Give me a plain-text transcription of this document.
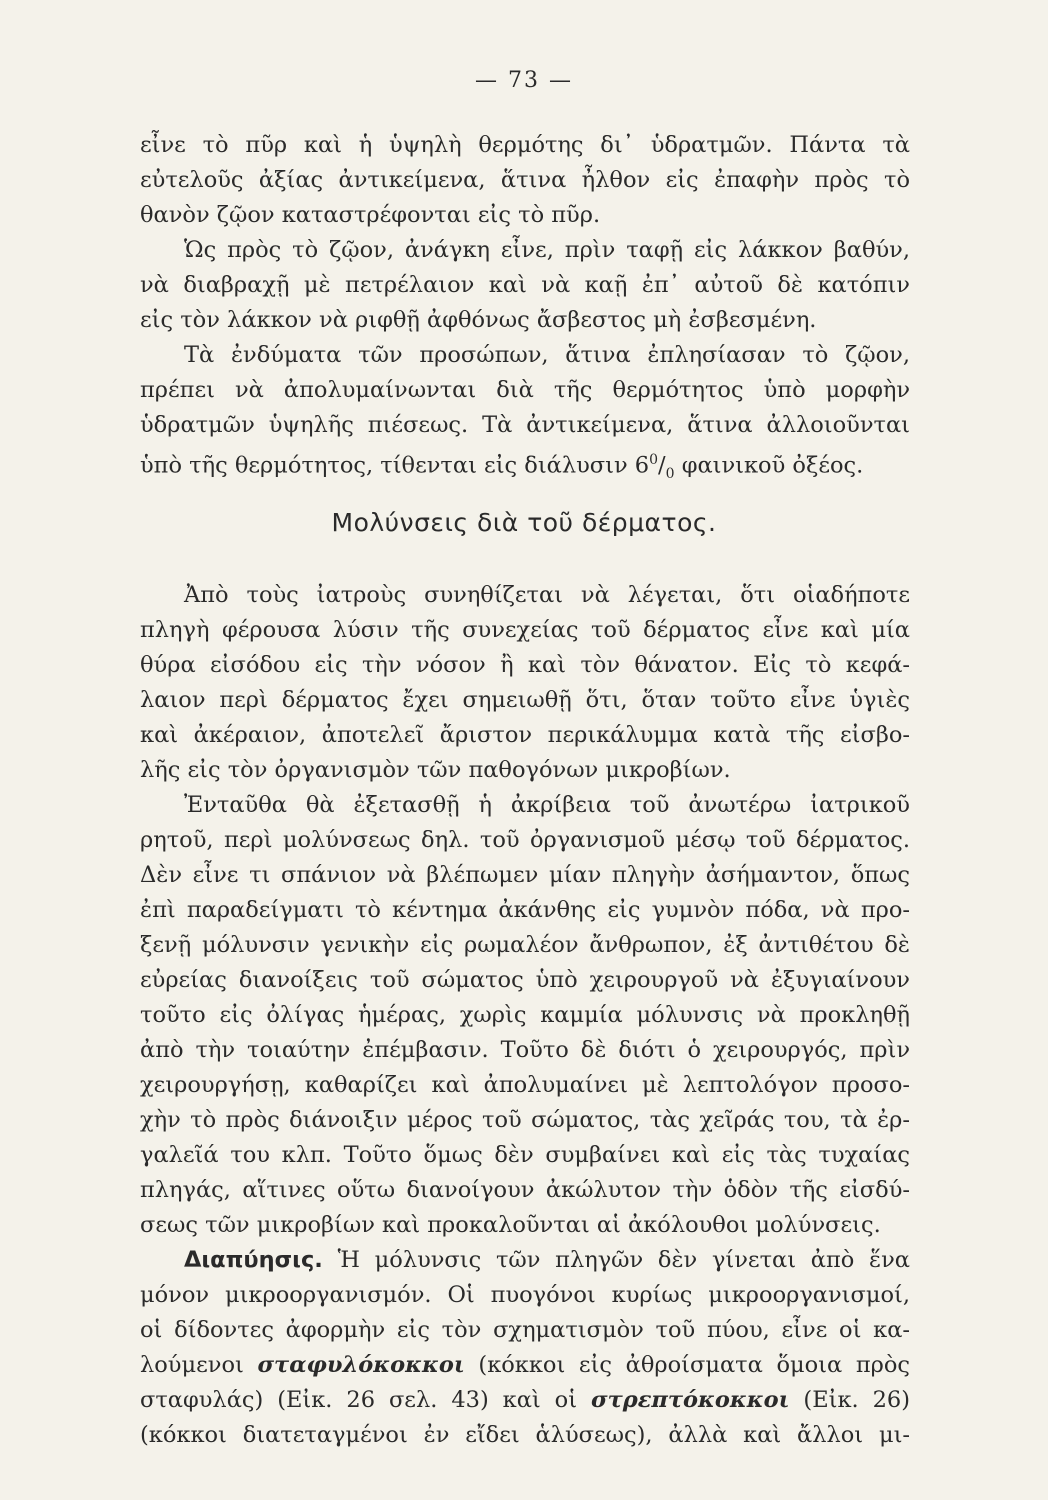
— 73 —
εἶνε τὸ πῦρ καὶ ἡ ὑψηλὴ θερμότης δι᾽ ὑδρατμῶν. Πάντα τὰ
εὐτελοῦς ἀξίας ἀντικείμενα, ἅτινα ἦλθον εἰς ἐπαφὴν πρὸς τὸ
θανὸν ζῷον καταστρέφονται εἰς τὸ πῦρ.
Ὡς πρὸς τὸ ζῷον, ἀνάγκη εἶνε, πρὶν ταφῇ εἰς λάκκον βαθύν,
νὰ διαβραχῇ μὲ πετρέλαιον καὶ νὰ καῇ ἐπ᾽ αὐτοῦ δὲ κατόπιν
εἰς τὸν λάκκον νὰ ριφθῇ ἀφθόνως ἄσβεστος μὴ ἐσβεσμένη.
Τὰ ἐνδύματα τῶν προσώπων, ἅτινα ἐπλησίασαν τὸ ζῷον,
πρέπει νὰ ἀπολυμαίνωνται διὰ τῆς θερμότητος ὑπὸ μορφὴν
ὑδρατμῶν ὑψηλῆς πιέσεως. Τὰ ἀντικείμενα, ἅτινα ἀλλοιοῦνται
ὑπὸ τῆς θερμότητος, τίθενται εἰς διάλυσιν $6^0/_0$ φαινικοῦ ὀξέος.
Μολύνσεις διὰ τοῦ δέρματος.
Ἀπὸ τοὺς ἰατροὺς συνηθίζεται νὰ λέγεται, ὅτι οἱαδήποτε
πληγὴ φέρουσα λύσιν τῆς συνεχείας τοῦ δέρματος εἶνε καὶ μία
θύρα εἰσόδου εἰς τὴν νόσον ἢ καὶ τὸν θάνατον. Εἰς τὸ κεφά-
λαιον περὶ δέρματος ἔχει σημειωθῇ ὅτι, ὅταν τοῦτο εἶνε ὑγιὲς
καὶ ἀκέραιον, ἀποτελεῖ ἄριστον περικάλυμμα κατὰ τῆς εἰσβο-
λῆς εἰς τὸν ὀργανισμὸν τῶν παθογόνων μικροβίων.
Ἐνταῦθα θὰ ἐξετασθῇ ἡ ἀκρίβεια τοῦ ἀνωτέρω ἰατρικοῦ
ρητοῦ, περὶ μολύνσεως δηλ. τοῦ ὀργανισμοῦ μέσῳ τοῦ δέρματος.
Δὲν εἶνε τι σπάνιον νὰ βλέπωμεν μίαν πληγὴν ἀσήμαντον, ὅπως
ἐπὶ παραδείγματι τὸ κέντημα ἀκάνθης εἰς γυμνὸν πόδα, νὰ προ-
ξενῇ μόλυνσιν γενικὴν εἰς ρωμαλέον ἄνθρωπον, ἐξ ἀντιθέτου δὲ
εὐρείας διανοίξεις τοῦ σώματος ὑπὸ χειρουργοῦ νὰ ἐξυγιαίνουν
τοῦτο εἰς ὀλίγας ἡμέρας, χωρὶς καμμία μόλυνσις νὰ προκληθῇ
ἀπὸ τὴν τοιαύτην ἐπέμβασιν. Τοῦτο δὲ διότι ὁ χειρουργός, πρὶν
χειρουργήσῃ, καθαρίζει καὶ ἀπολυμαίνει μὲ λεπτολόγον προσο-
χὴν τὸ πρὸς διάνοιξιν μέρος τοῦ σώματος, τὰς χεῖράς του, τὰ ἐρ-
γαλεῖά του κλπ. Τοῦτο ὅμως δὲν συμβαίνει καὶ εἰς τὰς τυχαίας
πληγάς, αἵτινες οὕτω διανοίγουν ἀκώλυτον τὴν ὁδὸν τῆς εἰσδύ-
σεως τῶν μικροβίων καὶ προκαλοῦνται αἱ ἀκόλουθοι μολύνσεις.
Διαπύησις. Ἡ μόλυνσις τῶν πληγῶν δὲν γίνεται ἀπὸ ἕνα
μόνον μικροοργανισμόν. Οἱ πυογόνοι κυρίως μικροοργανισμοί,
οἱ δίδοντες ἀφορμὴν εἰς τὸν σχηματισμὸν τοῦ πύου, εἶνε οἱ κα-
λούμενοι σταφυλόκοκκοι (κόκκοι εἰς ἀθροίσματα ὅμοια πρὸς
σταφυλάς) (Εἰκ. 26 σελ. 43) καὶ οἱ στρεπτόκοκκοι (Εἰκ. 26)
(κόκκοι διατεταγμένοι ἐν εἴδει ἁλύσεως), ἀλλὰ καὶ ἄλλοι μι-
